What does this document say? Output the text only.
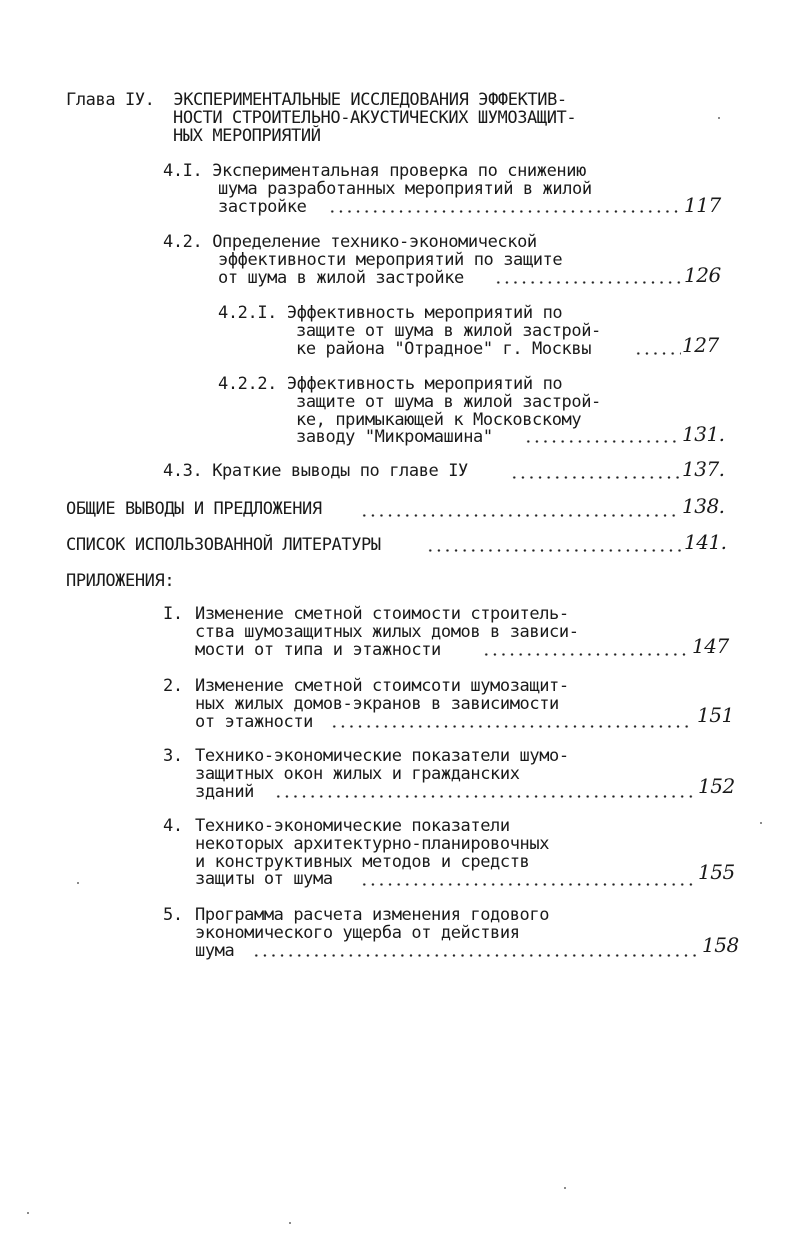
Глава IУ. ЭКСПЕРИМЕНТАЛЬНЫЕ ИССЛЕДОВАНИЯ ЭФФЕКТИВ-
НОСТИ СТРОИТЕЛЬНО-АКУСТИЧЕСКИХ ШУМОЗАЩИТ-
НЫХ МЕРОПРИЯТИЙ
4.I. Экспериментальная проверка по снижению
шума разработанных мероприятий в жилой
застройке	117
4.2. Определение технико-экономической
эффективности мероприятий по защите
от шума в жилой застройке	126
4.2.I. Эффективность мероприятий по
защите от шума в жилой застрой-
ке района "Отрадное" г. Москвы	127
4.2.2. Эффективность мероприятий по
защите от шума в жилой застрой-
ке, примыкающей к Московскому
заводу "Микромашина"	131.
4.3. Краткие выводы по главе IУ	137.
ОБЩИЕ ВЫВОДЫ И ПРЕДЛОЖЕНИЯ	138.
СПИСОК ИСПОЛЬЗОВАННОЙ ЛИТЕРАТУРЫ	141.
ПРИЛОЖЕНИЯ:
I. Изменение сметной стоимости строитель-
ства шумозащитных жилых домов в зависи-
мости от типа и этажности	147
2. Изменение сметной стоимсоти шумозащит-
ных жилых домов-экранов в зависимости
от этажности	151
3. Технико-экономические показатели шумо-
защитных окон жилых и гражданских
зданий	152
4. Технико-экономические показатели
некоторых архитектурно-планировочных
и конструктивных методов и средств
защиты от шума	155
5. Программа расчета изменения годового
экономического ущерба от действия
шума	158
